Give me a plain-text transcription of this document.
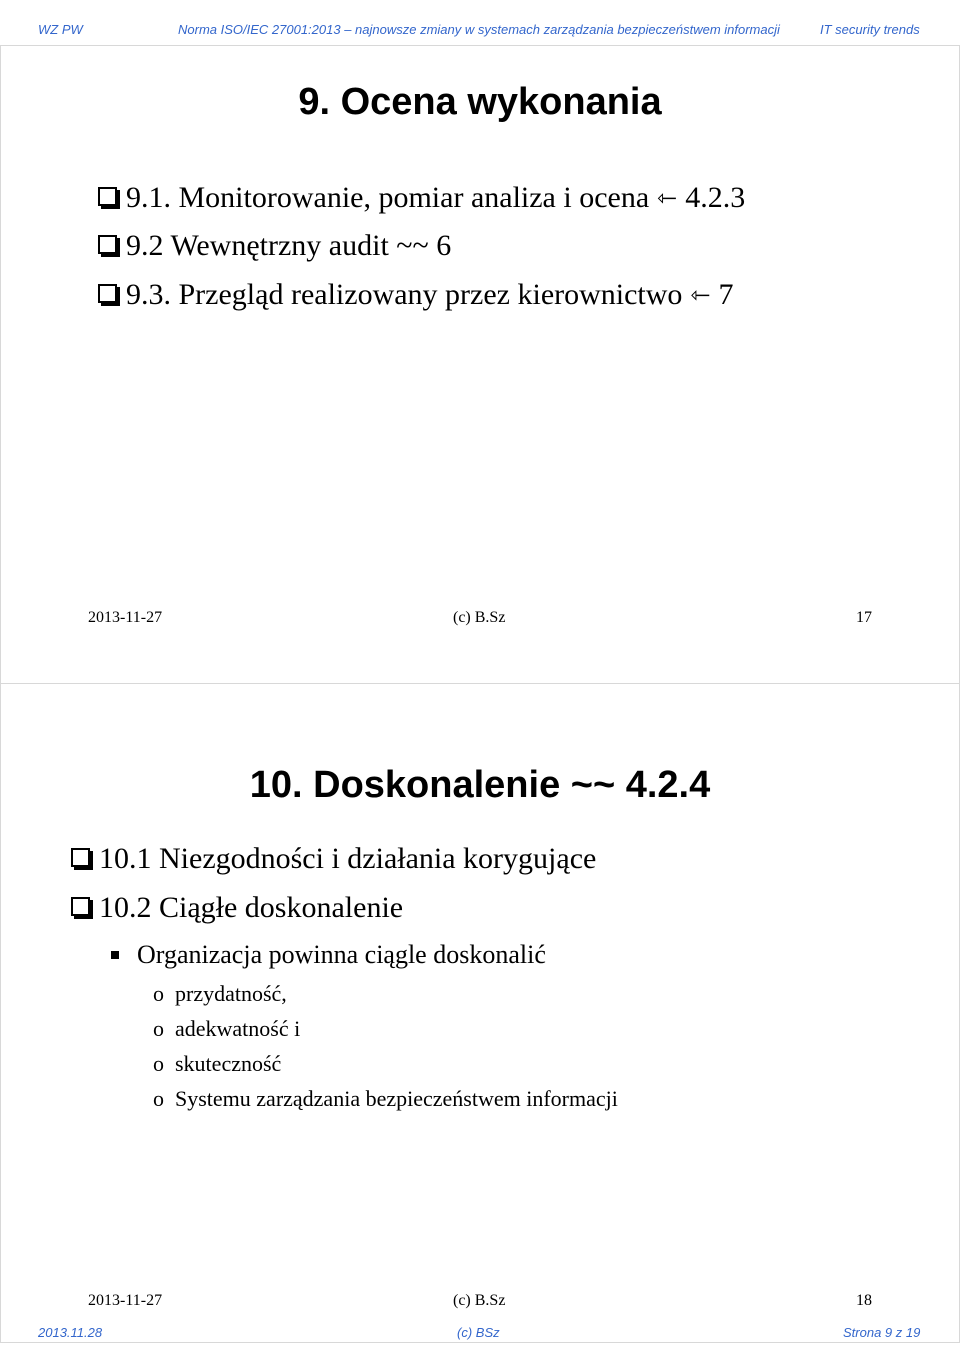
WZ PW	Norma ISO/IEC 27001:2013 – najnowsze zmiany w systemach zarządzania bezpieczeństwem informacji	IT security trends
9. Ocena wykonania
9.1. Monitorowanie, pomiar analiza i ocena ⇽ 4.2.3
9.2 Wewnętrzny audit ~~ 6
9.3. Przegląd realizowany przez kierownictwo ⇽ 7
2013-11-27	(c) B.Sz	17
10. Doskonalenie ~~ 4.2.4
10.1 Niezgodności i działania korygujące
10.2 Ciągłe doskonalenie
Organizacja powinna ciągle doskonalić
o przydatność,
o adekwatność i
o skuteczność
o Systemu zarządzania bezpieczeństwem informacji
2013-11-27	(c) B.Sz	18
2013.11.28	(c) BSz	Strona 9 z 19
